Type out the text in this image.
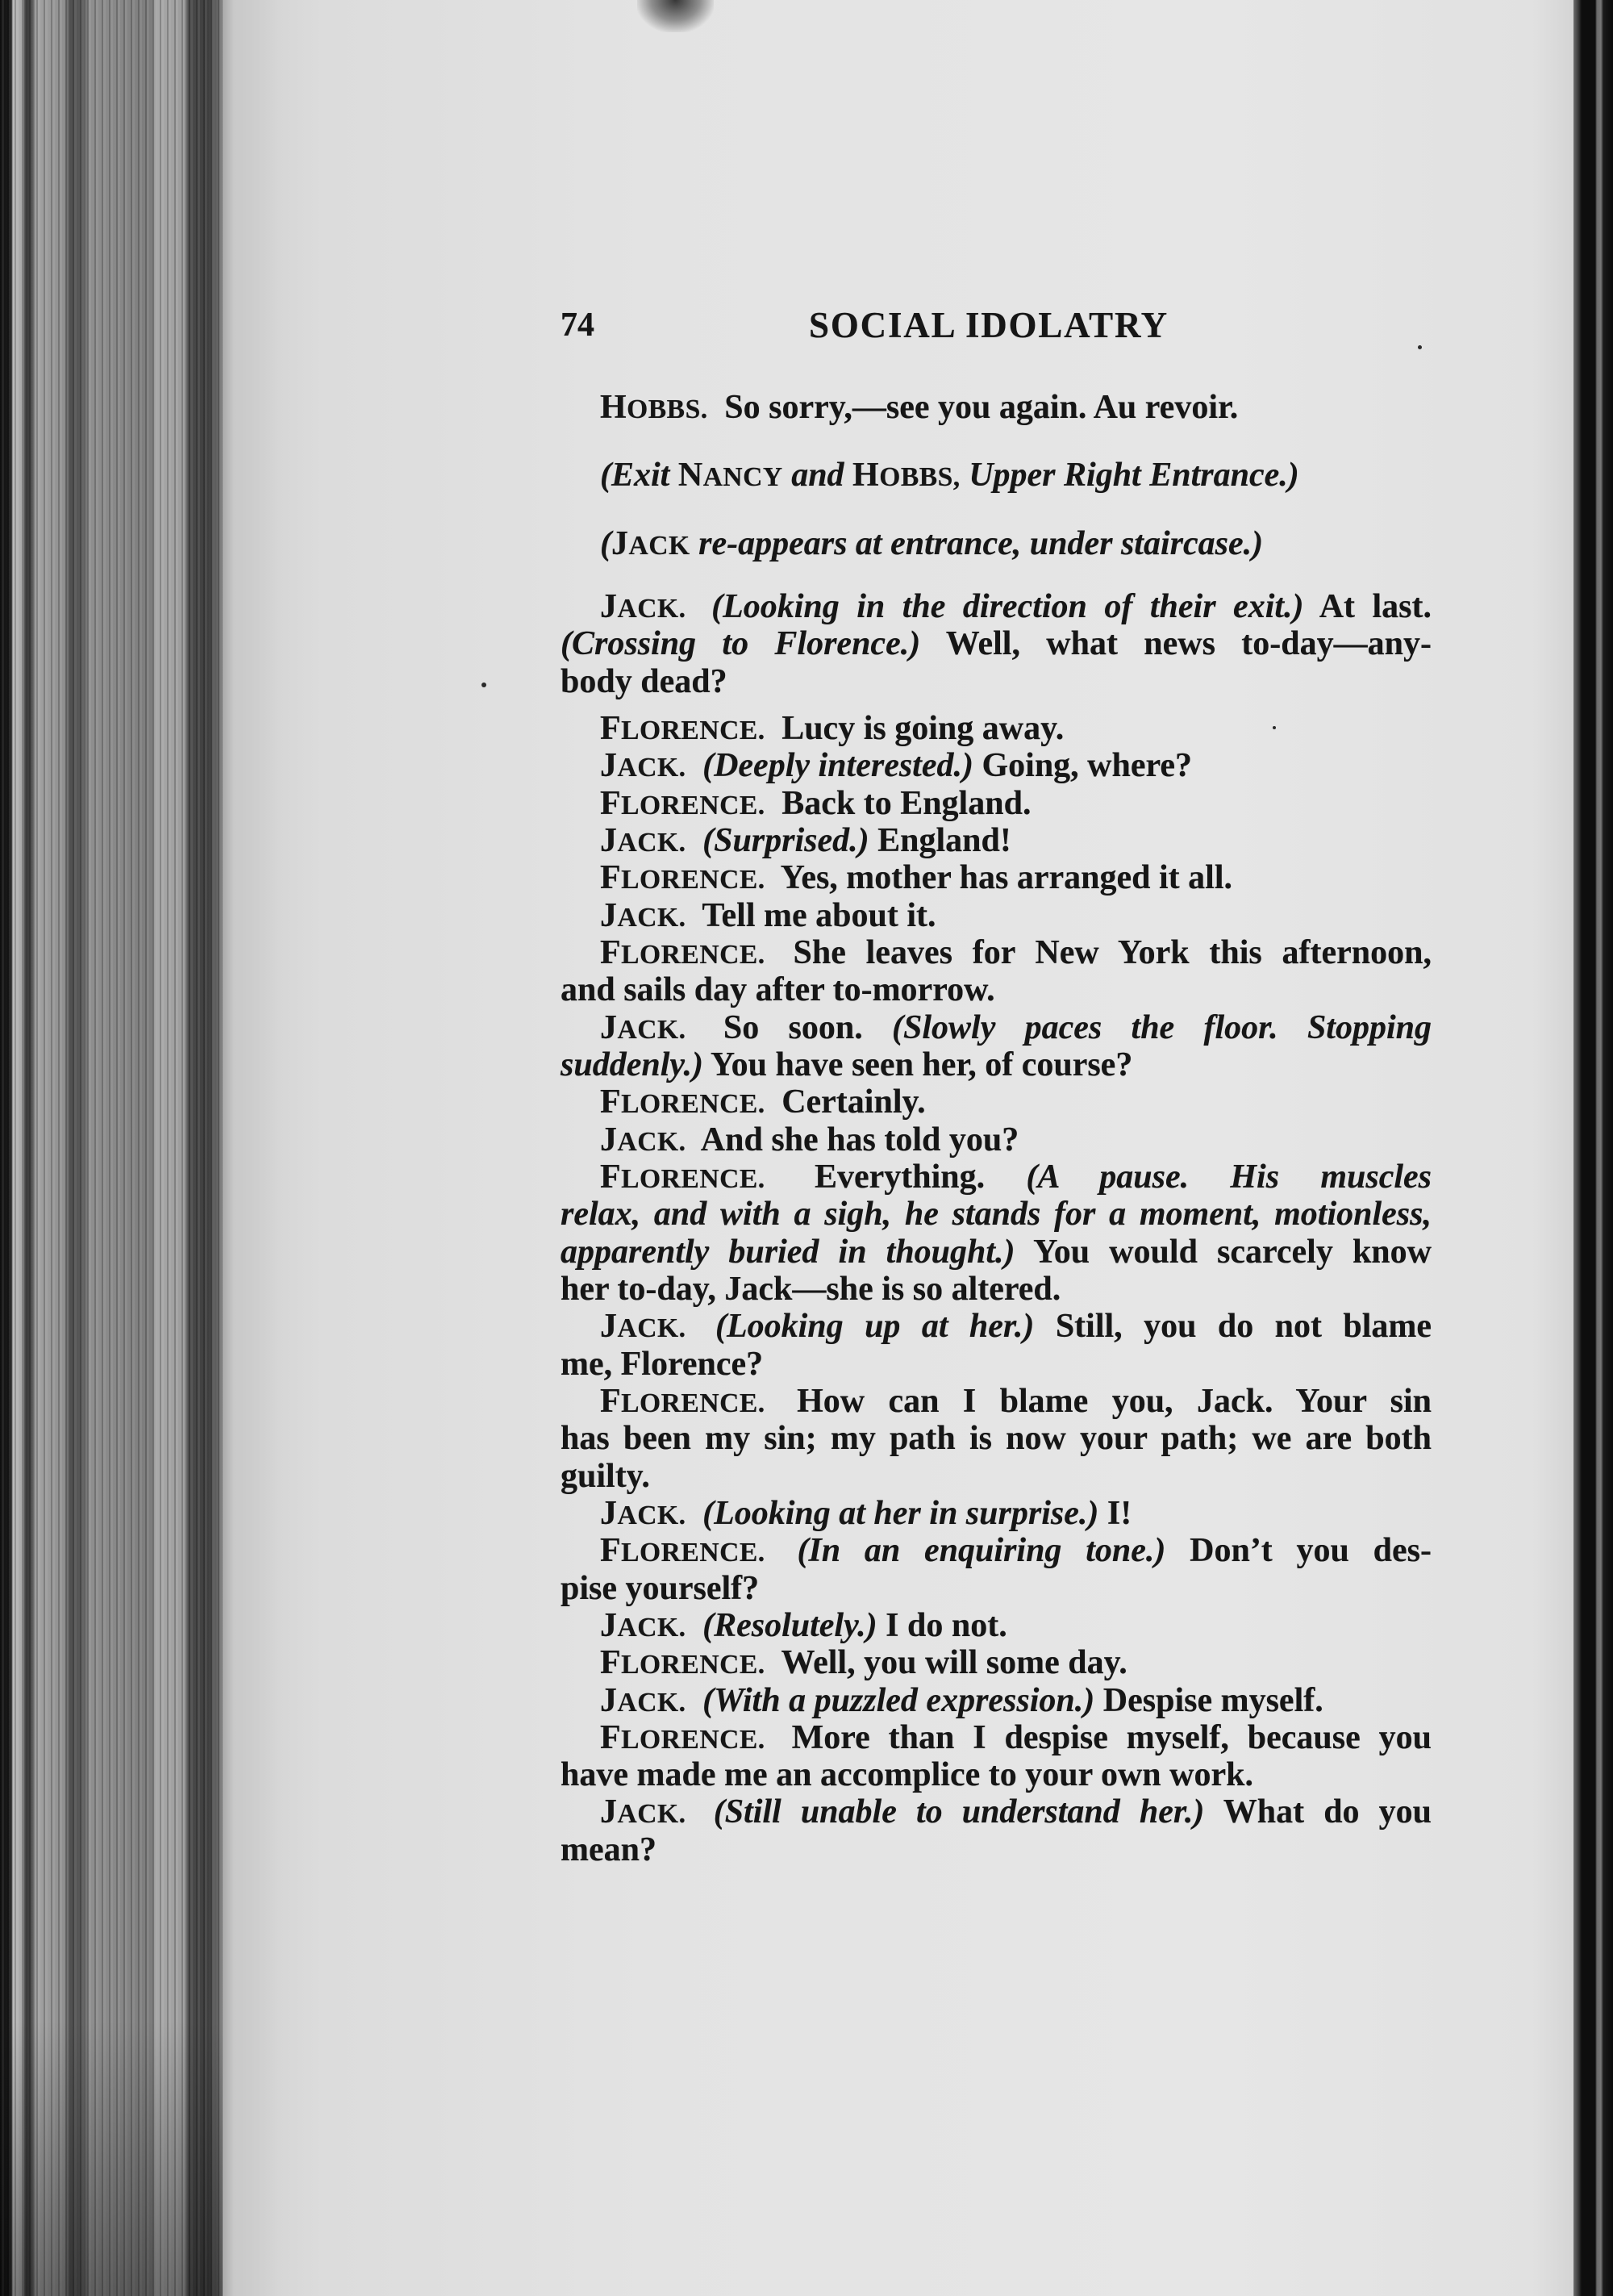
74	SOCIAL IDOLATRY
HOBBS. So sorry,—see you again. Au revoir.
(Exit NANCY and HOBBS, Upper Right Entrance.)
(JACK re-appears at entrance, under staircase.)
JACK. (Looking in the direction of their exit.) At last.
(Crossing to Florence.) Well, what news to-day—any-
body dead?
FLORENCE. Lucy is going away.
JACK. (Deeply interested.) Going, where?
FLORENCE. Back to England.
JACK. (Surprised.) England!
FLORENCE. Yes, mother has arranged it all.
JACK. Tell me about it.
FLORENCE. She leaves for New York this afternoon,
and sails day after to-morrow.
JACK. So soon. (Slowly paces the floor. Stopping
suddenly.) You have seen her, of course?
FLORENCE. Certainly.
JACK. And she has told you?
FLORENCE. Everything. (A pause. His muscles
relax, and with a sigh, he stands for a moment, motionless,
apparently buried in thought.) You would scarcely know
her to-day, Jack—she is so altered.
JACK. (Looking up at her.) Still, you do not blame
me, Florence?
FLORENCE. How can I blame you, Jack. Your sin
has been my sin; my path is now your path; we are both
guilty.
JACK. (Looking at her in surprise.) I!
FLORENCE. (In an enquiring tone.) Don’t you des-
pise yourself?
JACK. (Resolutely.) I do not.
FLORENCE. Well, you will some day.
JACK. (With a puzzled expression.) Despise myself.
FLORENCE. More than I despise myself, because you
have made me an accomplice to your own work.
JACK. (Still unable to understand her.) What do you
mean?
